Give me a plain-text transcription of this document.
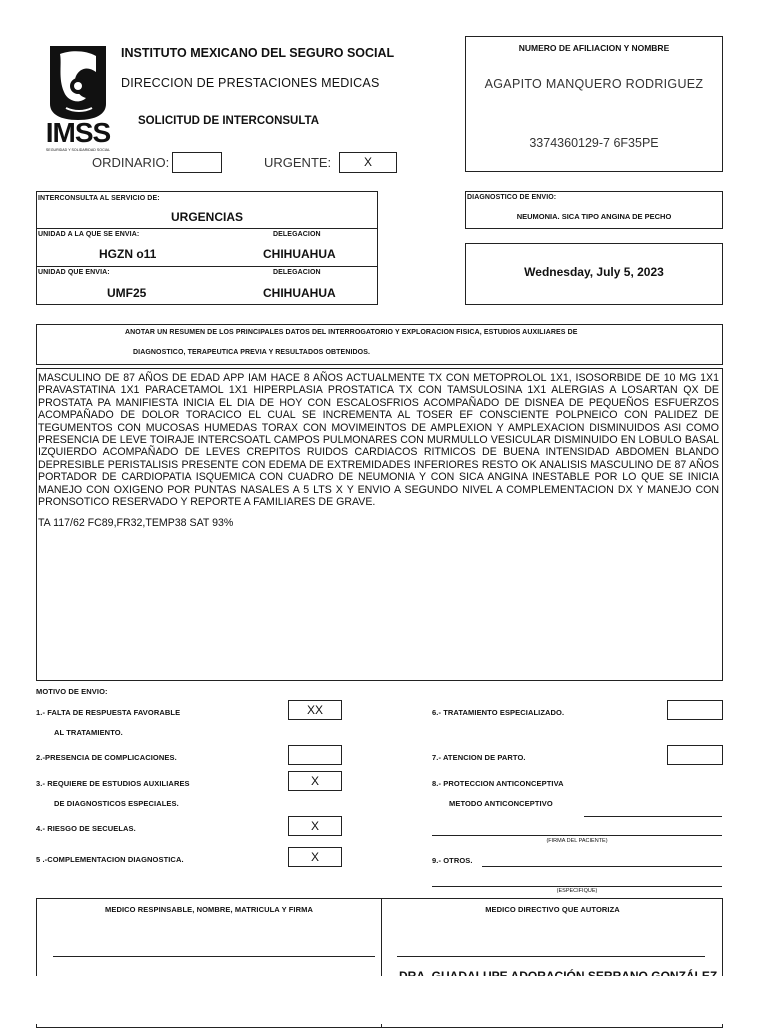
IMSS
SEGURIDAD Y SOLIDARIDAD SOCIAL
INSTITUTO MEXICANO DEL SEGURO SOCIAL
DIRECCION DE PRESTACIONES MEDICAS
SOLICITUD DE INTERCONSULTA
ORDINARIO:	URGENTE:	X
NUMERO DE AFILIACION Y NOMBRE
AGAPITO MANQUERO RODRIGUEZ
3374360129-7 6F35PE
INTERCONSULTA AL SERVICIO DE:
URGENCIAS
UNIDAD A LA QUE SE ENVIA:	DELEGACION
HGZN o11	CHIHUAHUA
UNIDAD QUE ENVIA:	DELEGACION
UMF25	CHIHUAHUA
DIAGNOSTICO DE ENVIO:
NEUMONIA. SICA TIPO ANGINA DE PECHO
Wednesday, July 5, 2023
ANOTAR UN RESUMEN DE LOS PRINCIPALES DATOS DEL INTERROGATORIO Y EXPLORACION FISICA, ESTUDIOS AUXILIARES DE
DIAGNOSTICO, TERAPEUTICA PREVIA Y RESULTADOS OBTENIDOS.
MASCULINO DE 87 AÑOS DE EDAD APP IAM HACE 8 AÑOS ACTUALMENTE TX CON METOPROLOL 1X1, ISOSORBIDE DE 10 MG 1X1 PRAVASTATINA 1X1 PARACETAMOL 1X1 HIPERPLASIA PROSTATICA TX CON TAMSULOSINA 1X1 ALERGIAS A LOSARTAN QX DE PROSTATA PA MANIFIESTA INICIA EL DIA DE HOY CON ESCALOSFRIOS ACOMPAÑADO DE DISNEA DE PEQUEÑOS ESFUERZOS ACOMPAÑADO DE DOLOR TORACICO EL CUAL SE INCREMENTA AL TOSER EF CONSCIENTE POLPNEICO CON PALIDEZ DE TEGUMENTOS CON MUCOSAS HUMEDAS TORAX CON MOVIMEINTOS DE AMPLEXION Y AMPLEXACION DISMINUIDOS ASI COMO PRESENCIA DE LEVE TOIRAJE INTERCSOATL CAMPOS PULMONARES CON MURMULLO VESICULAR DISMINUIDO EN LOBULO BASAL IZQUIERDO ACOMPAÑADO DE LEVES CREPITOS RUIDOS CARDIACOS RITMICOS DE BUENA INTENSIDAD ABDOMEN BLANDO DEPRESIBLE PERISTALISIS PRESENTE CON EDEMA DE EXTREMIDADES INFERIORES RESTO OK ANALISIS MASCULINO DE 87 AÑOS PORTADOR DE CARDIOPATIA ISQUEMICA CON CUADRO DE NEUMONIA Y CON SICA ANGINA INESTABLE POR LO QUE SE INICIA MANEJO CON OXIGENO POR PUNTAS NASALES A 5 LTS X Y ENVIO A SEGUNDO NIVEL A COMPLEMENTACION DX Y MANEJO CON PRONSOTICO RESERVADO Y REPORTE A FAMILIARES DE GRAVE.
TA 117/62 FC89,FR32,TEMP38 SAT 93%
MOTIVO DE ENVIO:
1.- FALTA DE RESPUESTA FAVORABLE
AL TRATAMIENTO.
XX
2.-PRESENCIA DE COMPLICACIONES.
3.- REQUIERE DE ESTUDIOS AUXILIARES
DE DIAGNOSTICOS ESPECIALES.
X
4.- RIESGO DE SECUELAS.	X
5 .-COMPLEMENTACION DIAGNOSTICA.	X
6.- TRATAMIENTO ESPECIALIZADO.
7.- ATENCION DE PARTO.
8.- PROTECCION ANTICONCEPTIVA
METODO ANTICONCEPTIVO
(FIRMA DEL PACIENTE)
9.- OTROS.
(ESPECIFIQUE)
MEDICO RESPINSABLE, NOMBRE, MATRICULA Y FIRMA	MEDICO DIRECTIVO QUE AUTORIZA
